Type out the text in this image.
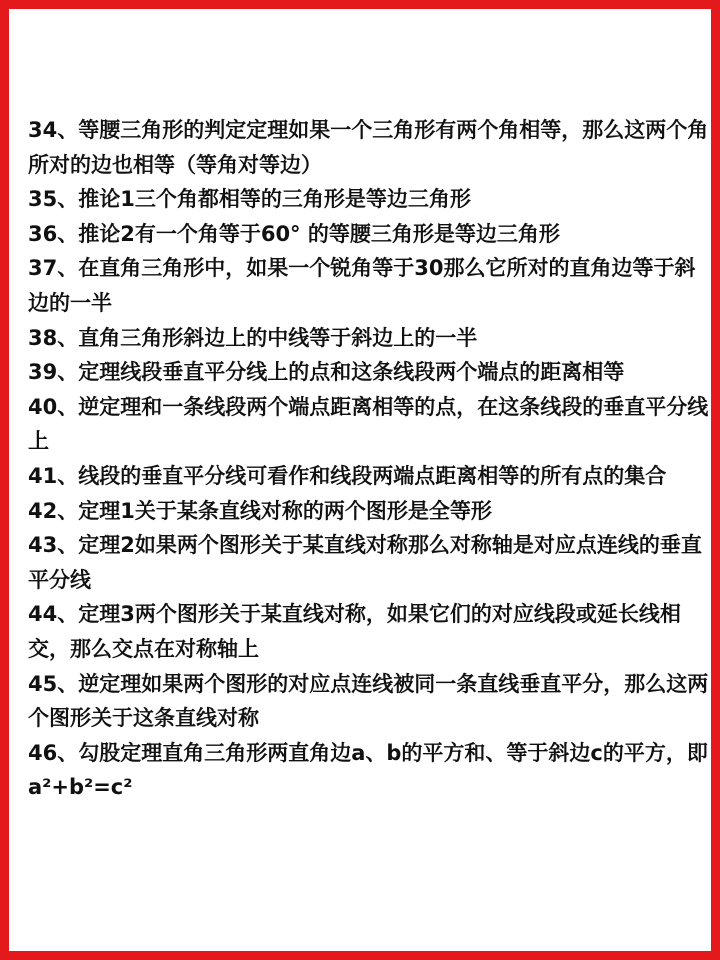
34、等腰三角形的判定定理如果一个三角形有两个角相等，那么这两个角所对的边也相等（等角对等边）
35、推论1三个角都相等的三角形是等边三角形
36、推论2有一个角等于60° 的等腰三角形是等边三角形
37、在直角三角形中，如果一个锐角等于30那么它所对的直角边等于斜边的一半
38、直角三角形斜边上的中线等于斜边上的一半
39、定理线段垂直平分线上的点和这条线段两个端点的距离相等
40、逆定理和一条线段两个端点距离相等的点，在这条线段的垂直平分线上
41、线段的垂直平分线可看作和线段两端点距离相等的所有点的集合
42、定理1关于某条直线对称的两个图形是全等形
43、定理2如果两个图形关于某直线对称那么对称轴是对应点连线的垂直平分线
44、定理3两个图形关于某直线对称，如果它们的对应线段或延长线相交，那么交点在对称轴上
45、逆定理如果两个图形的对应点连线被同一条直线垂直平分，那么这两个图形关于这条直线对称
46、勾股定理直角三角形两直角边a、b的平方和、等于斜边c的平方，即a²+b²=c²
